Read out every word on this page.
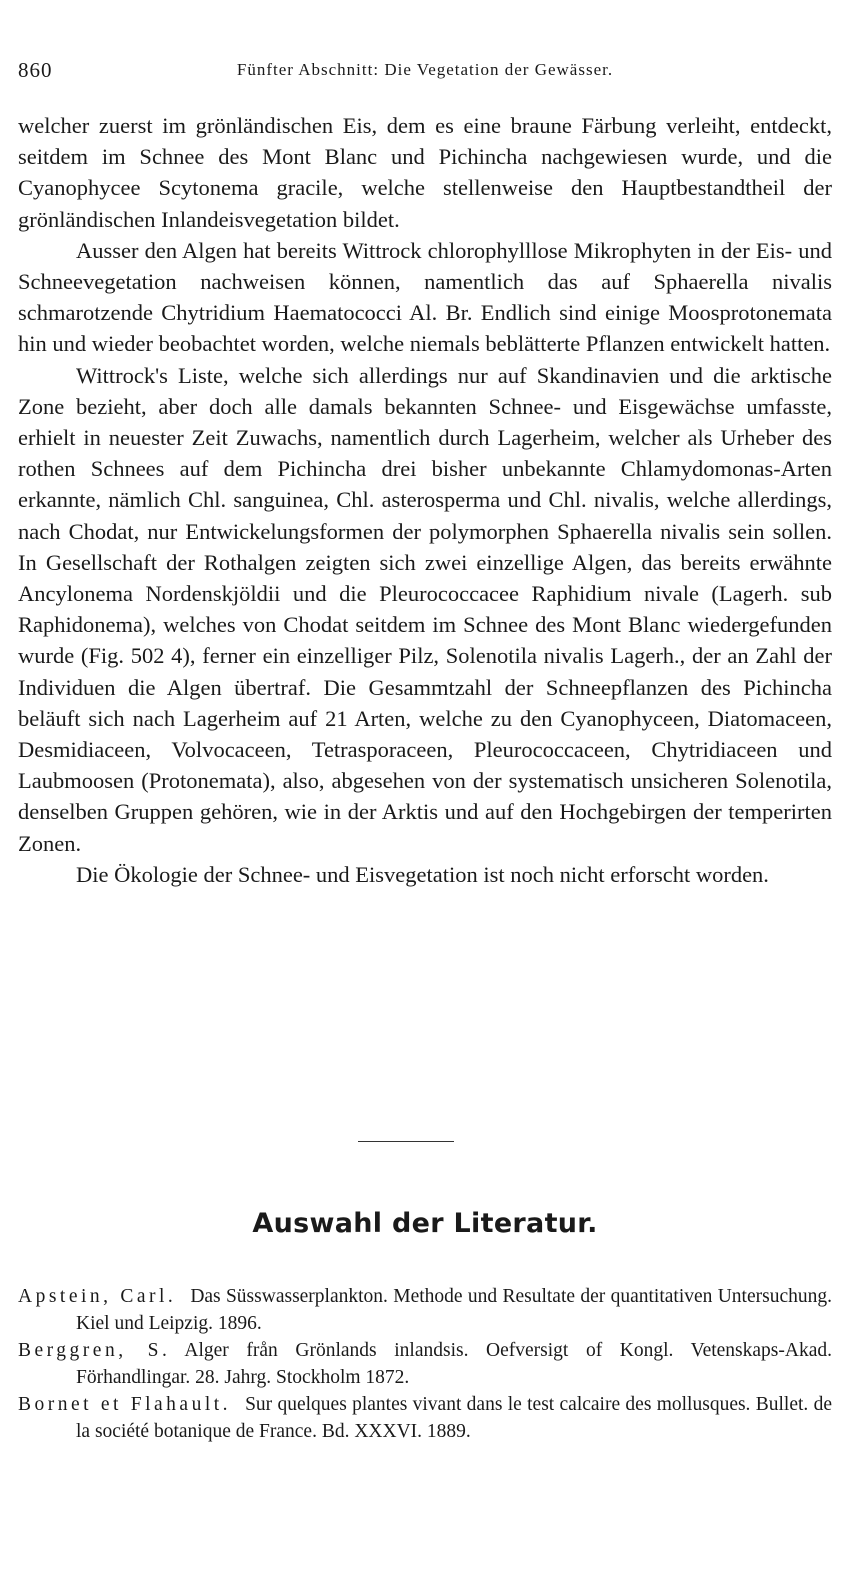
860	Fünfter Abschnitt: Die Vegetation der Gewässer.

welcher zuerst im grönländischen Eis, dem es eine braune Färbung verleiht, entdeckt, seitdem im Schnee des Mont Blanc und Pichincha nachgewiesen wurde, und die Cyanophycee Scytonema gracile, welche stellenweise den Hauptbestandtheil der grönländischen Inlandeisvegetation bildet.

Ausser den Algen hat bereits Wittrock chlorophylllose Mikrophyten in der Eis- und Schneevegetation nachweisen können, namentlich das auf Sphaerella nivalis schmarotzende Chytridium Haematococci Al. Br. Endlich sind einige Moosprotonemata hin und wieder beobachtet worden, welche niemals beblätterte Pflanzen entwickelt hatten.

Wittrock's Liste, welche sich allerdings nur auf Skandinavien und die arktische Zone bezieht, aber doch alle damals bekannten Schnee- und Eisgewächse umfasste, erhielt in neuester Zeit Zuwachs, namentlich durch Lagerheim, welcher als Urheber des rothen Schnees auf dem Pichincha drei bisher unbekannte Chlamydomonas-Arten erkannte, nämlich Chl. sanguinea, Chl. asterosperma und Chl. nivalis, welche allerdings, nach Chodat, nur Entwickelungsformen der polymorphen Sphaerella nivalis sein sollen. In Gesellschaft der Rothalgen zeigten sich zwei einzellige Algen, das bereits erwähnte Ancylonema Nordenskjöldii und die Pleurococcacee Raphidium nivale (Lagerh. sub Raphidonema), welches von Chodat seitdem im Schnee des Mont Blanc wiedergefunden wurde (Fig. 502 4), ferner ein einzelliger Pilz, Solenotila nivalis Lagerh., der an Zahl der Individuen die Algen übertraf. Die Gesammtzahl der Schneepflanzen des Pichincha beläuft sich nach Lagerheim auf 21 Arten, welche zu den Cyanophyceen, Diatomaceen, Desmidiaceen, Volvocaceen, Tetrasporaceen, Pleurococcaceen, Chytridiaceen und Laubmoosen (Protonemata), also, abgesehen von der systematisch unsicheren Solenotila, denselben Gruppen gehören, wie in der Arktis und auf den Hochgebirgen der temperirten Zonen.

Die Ökologie der Schnee- und Eisvegetation ist noch nicht erforscht worden.

Auswahl der Literatur.

Apstein, Carl. Das Süsswasserplankton. Methode und Resultate der quantitativen Untersuchung. Kiel und Leipzig. 1896.

Berggren, S. Alger från Grönlands inlandsis. Oefversigt of Kongl. Vetenskaps-Akad. Förhandlingar. 28. Jahrg. Stockholm 1872.

Bornet et Flahault. Sur quelques plantes vivant dans le test calcaire des mollusques. Bullet. de la société botanique de France. Bd. XXXVI. 1889.
